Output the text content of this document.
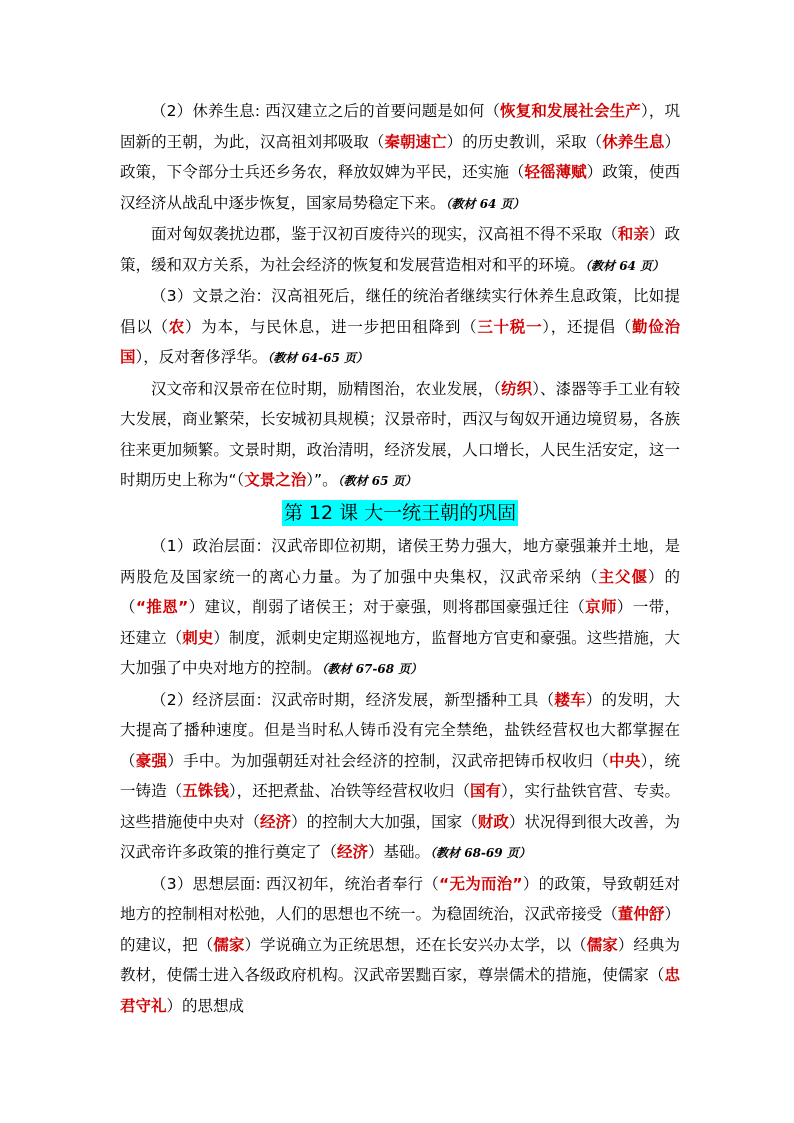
（2）休养生息: 西汉建立之后的首要问题是如何（恢复和发展社会生产），巩固新的王朝，为此，汉高祖刘邦吸取（秦朝速亡）的历史教训，采取（休养生息）政策，下令部分士兵还乡务农，释放奴婢为平民，还实施（轻徭薄赋）政策，使西汉经济从战乱中逐步恢复，国家局势稳定下来。（教材 64 页）

面对匈奴袭扰边郡，鉴于汉初百废待兴的现实，汉高祖不得不采取（和亲）政策，缓和双方关系，为社会经济的恢复和发展营造相对和平的环境。（教材 64 页）

（3）文景之治：汉高祖死后，继任的统治者继续实行休养生息政策，比如提倡以（农）为本，与民休息，进一步把田租降到（三十税一），还提倡（勤俭治国），反对奢侈浮华。（教材 64-65 页）

汉文帝和汉景帝在位时期，励精图治，农业发展，（纺织）、漆器等手工业有较大发展，商业繁荣，长安城初具规模；汉景帝时，西汉与匈奴开通边境贸易，各族往来更加频繁。文景时期，政治清明，经济发展，人口增长，人民生活安定，这一时期历史上称为“（文景之治）”。（教材 65 页）

第 12 课 大一统王朝的巩固

（1）政治层面：汉武帝即位初期，诸侯王势力强大，地方豪强兼并土地，是两股危及国家统一的离心力量。为了加强中央集权，汉武帝采纳（主父偃）的（“推恩”）建议，削弱了诸侯王；对于豪强，则将郡国豪强迁往（京师）一带，还建立（刺史）制度，派刺史定期巡视地方，监督地方官吏和豪强。这些措施，大大加强了中央对地方的控制。（教材 67-68 页）

（2）经济层面：汉武帝时期，经济发展，新型播种工具（耧车）的发明，大大提高了播种速度。但是当时私人铸币没有完全禁绝，盐铁经营权也大都掌握在（豪强）手中。为加强朝廷对社会经济的控制，汉武帝把铸币权收归（中央），统一铸造（五铢钱），还把煮盐、冶铁等经营权收归（国有），实行盐铁官营、专卖。这些措施使中央对（经济）的控制大大加强，国家（财政）状况得到很大改善，为汉武帝许多政策的推行奠定了（经济）基础。（教材 68-69 页）

（3）思想层面: 西汉初年，统治者奉行（“无为而治”）的政策，导致朝廷对地方的控制相对松弛，人们的思想也不统一。为稳固统治，汉武帝接受（董仲舒）的建议，把（儒家）学说确立为正统思想，还在长安兴办太学，以（儒家）经典为教材，使儒士进入各级政府机构。汉武帝罢黜百家，尊崇儒术的措施，使儒家（忠君守礼）的思想成
